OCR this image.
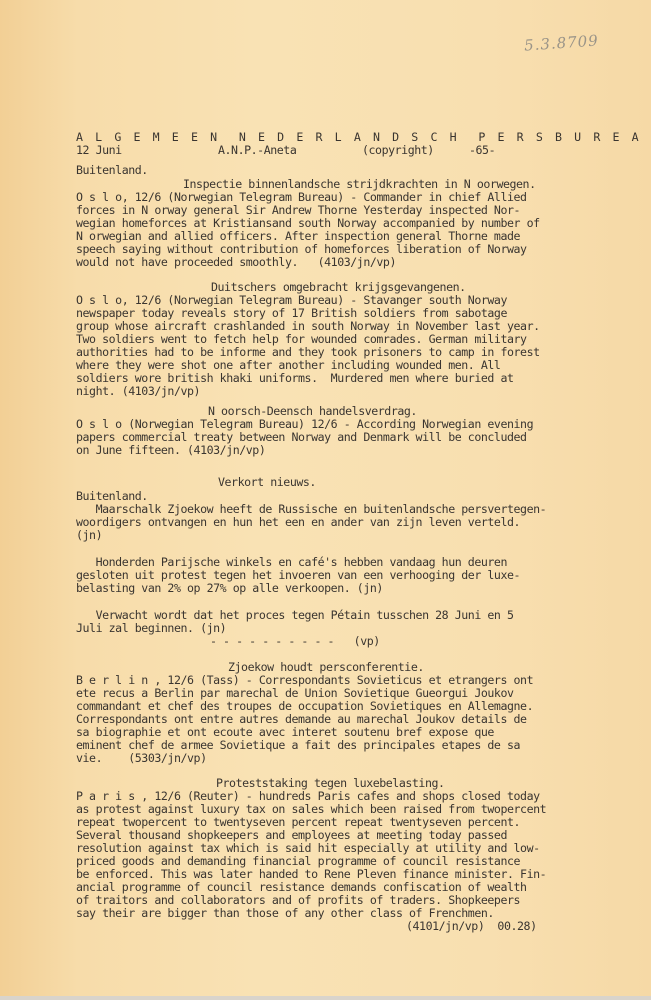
5.3.8709
A L G E M E E N  N E D E R L A N D S C H  P E R S B U R E A
12 Juni	A.N.P.-Aneta	(copyright)	-65-
Buitenland.
Inspectie binnenlandsche strijdkrachten in N oorwegen.
O s l o, 12/6 (Norwegian Telegram Bureau) - Commander in chief Allied
forces in N orway general Sir Andrew Thorne Yesterday inspected Nor-
wegian homeforces at Kristiansand south Norway accompanied by number of
N orwegian and allied officers. After inspection general Thorne made
speech saying without contribution of homeforces liberation of Norway
would not have proceeded smoothly.   (4103/jn/vp)
Duitschers omgebracht krijgsgevangenen.
O s l o, 12/6 (Norwegian Telegram Bureau) - Stavanger south Norway
newspaper today reveals story of 17 British soldiers from sabotage
group whose aircraft crashlanded in south Norway in November last year.
Two soldiers went to fetch help for wounded comrades. German military
authorities had to be informe and they took prisoners to camp in forest
where they were shot one after another including wounded men. All
soldiers wore british khaki uniforms.  Murdered men where buried at
night. (4103/jn/vp)
N oorsch-Deensch handelsverdrag.
O s l o (Norwegian Telegram Bureau) 12/6 - According Norwegian evening
papers commercial treaty between Norway and Denmark will be concluded
on June fifteen. (4103/jn/vp)
Verkort nieuws.
Buitenland.
Maarschalk Zjoekow heeft de Russische en buitenlandsche persvertegen-
woordigers ontvangen en hun het een en ander van zijn leven verteld.
(jn)
Honderden Parijsche winkels en café's hebben vandaag hun deuren
gesloten uit protest tegen het invoeren van een verhooging der luxe-
belasting van 2% op 27% op alle verkoopen. (jn)
Verwacht wordt dat het proces tegen Pétain tusschen 28 Juni en 5
Juli zal beginnen. (jn)
- - - - - - - - - -   (vp)
Zjoekow houdt persconferentie.
B e r l i n , 12/6 (Tass) - Correspondants Sovieticus et etrangers ont
ete recus a Berlin par marechal de Union Sovietique Gueorgui Joukov
commandant et chef des troupes de occupation Sovietiques en Allemagne.
Correspondants ont entre autres demande au marechal Joukov details de
sa biographie et ont ecoute avec interet soutenu bref expose que
eminent chef de armee Sovietique a fait des principales etapes de sa
vie.    (5303/jn/vp)
Proteststaking tegen luxebelasting.
P a r i s , 12/6 (Reuter) - hundreds Paris cafes and shops closed today
as protest against luxury tax on sales which been raised from twopercent
repeat twopercent to twentyseven percent repeat twentyseven percent.
Several thousand shopkeepers and employees at meeting today passed
resolution against tax which is said hit especially at utility and low-
priced goods and demanding financial programme of council resistance
be enforced. This was later handed to Rene Pleven finance minister. Fin-
ancial programme of council resistance demands confiscation of wealth
of traitors and collaborators and of profits of traders. Shopkeepers
say their are bigger than those of any other class of Frenchmen.
(4101/jn/vp)  00.28)
